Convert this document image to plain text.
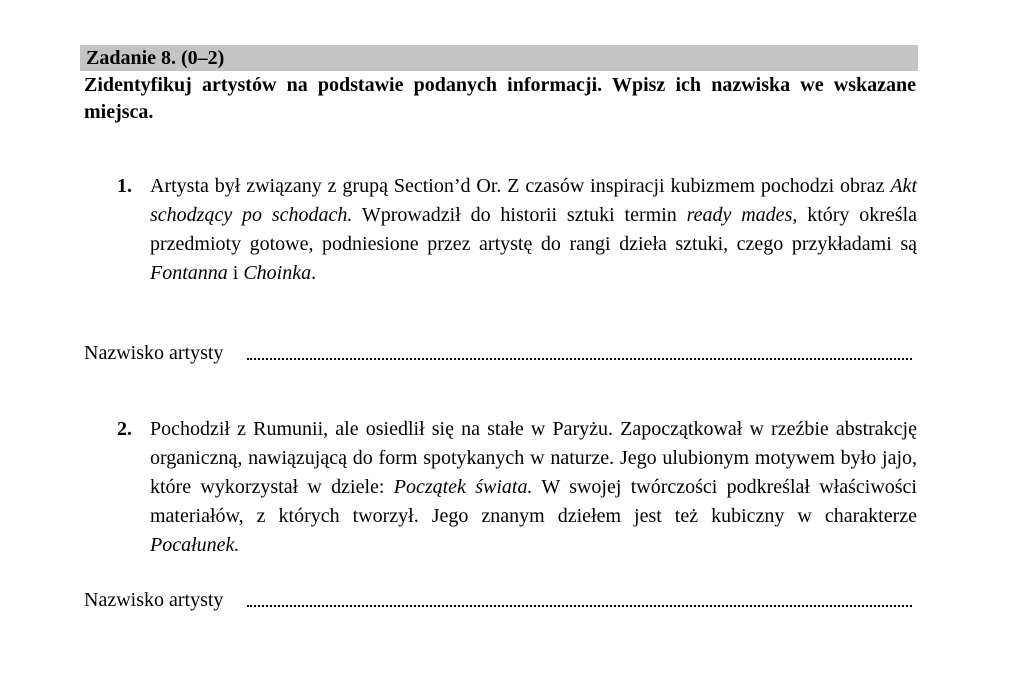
Zadanie 8. (0–2)
Zidentyfikuj artystów na podstawie podanych informacji. Wpisz ich nazwiska we wskazane miejsca.
1. Artysta był związany z grupą Section’d Or. Z czasów inspiracji kubizmem pochodzi obraz Akt schodzący po schodach. Wprowadził do historii sztuki termin ready mades, który określa przedmioty gotowe, podniesione przez artystę do rangi dzieła sztuki, czego przykładami są Fontanna i Choinka.
Nazwisko artysty
2. Pochodził z Rumunii, ale osiedlił się na stałe w Paryżu. Zapoczątkował w rzeźbie abstrakcję organiczną, nawiązującą do form spotykanych w naturze. Jego ulubionym motywem było jajo, które wykorzystał w dziele: Początek świata. W swojej twórczości podkreślał właściwości materiałów, z których tworzył. Jego znanym dziełem jest też kubiczny w charakterze Pocałunek.
Nazwisko artysty
